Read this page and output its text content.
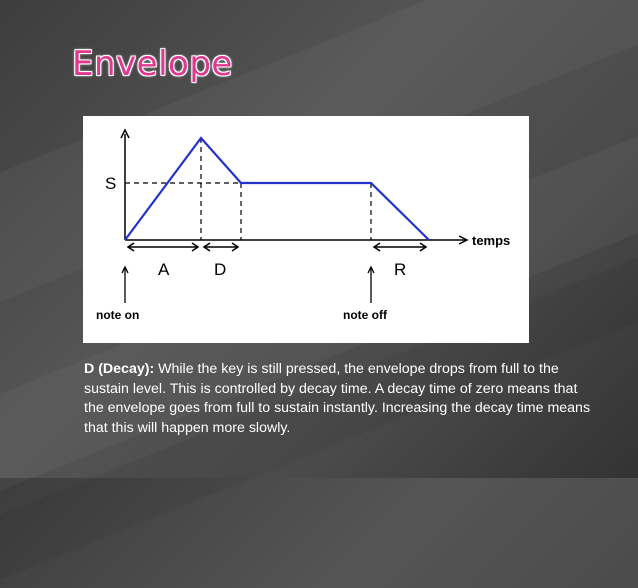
Envelope
temps
S
A	D	R
note on	note off

D (Decay): While the key is still pressed, the envelope drops from full to the sustain level. This is controlled by decay time. A decay time of zero means that the envelope goes from full to sustain instantly. Increasing the decay time means that this will happen more slowly.
